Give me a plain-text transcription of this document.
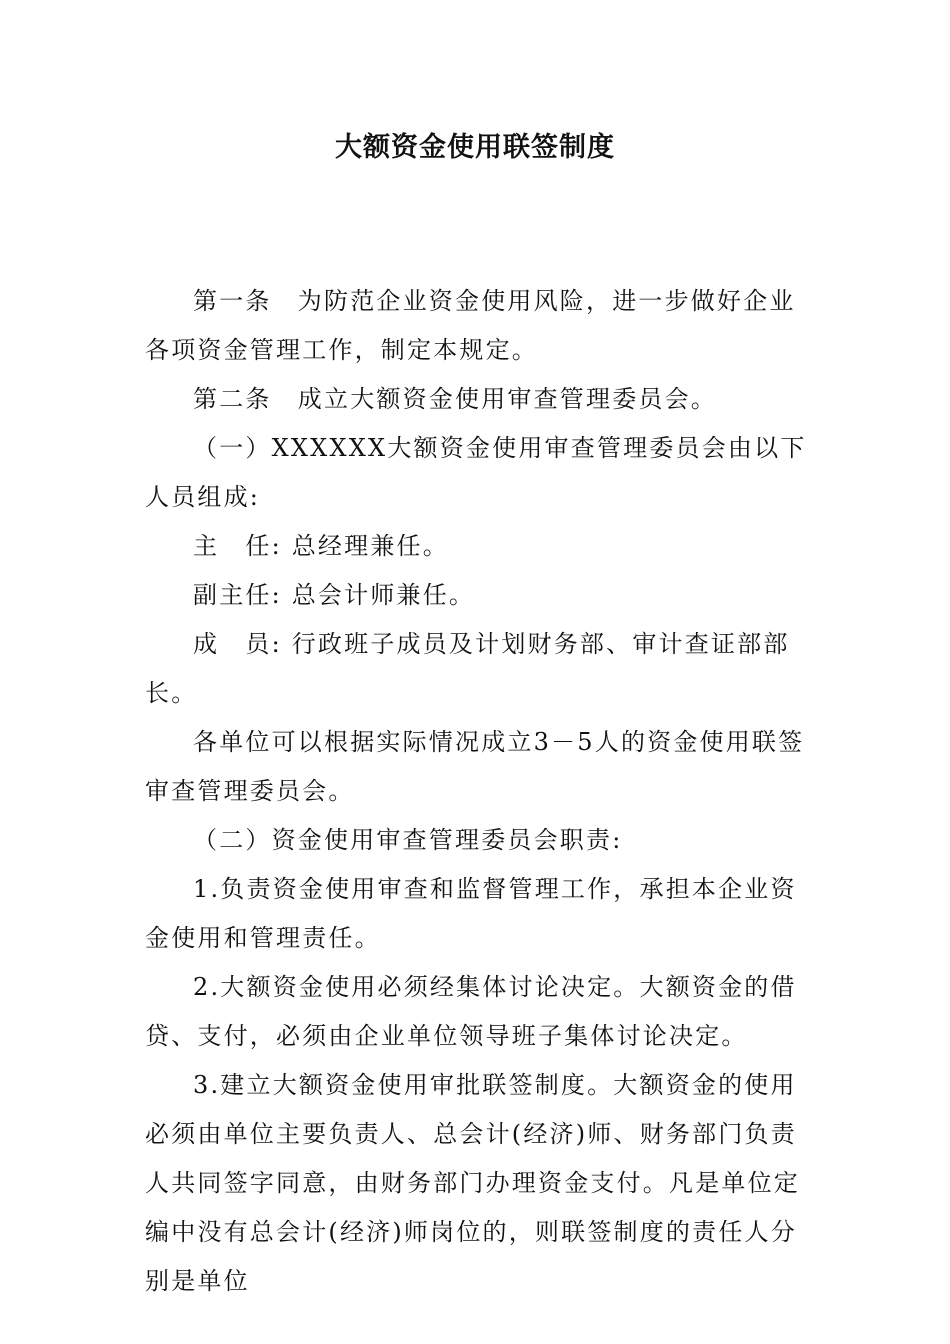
大额资金使用联签制度

第一条　为防范企业资金使用风险，进一步做好企业各项资金管理工作，制定本规定。

第二条　成立大额资金使用审查管理委员会。

（一）XXXXXX大额资金使用审查管理委员会由以下人员组成:

主　任: 总经理兼任。

副主任: 总会计师兼任。

成　员: 行政班子成员及计划财务部、审计查证部部长。

各单位可以根据实际情况成立3－5人的资金使用联签审查管理委员会。

（二）资金使用审查管理委员会职责:

1.负责资金使用审查和监督管理工作，承担本企业资金使用和管理责任。

2.大额资金使用必须经集体讨论决定。大额资金的借贷、支付，必须由企业单位领导班子集体讨论决定。

3.建立大额资金使用审批联签制度。大额资金的使用必须由单位主要负责人、总会计(经济)师、财务部门负责人共同签字同意，由财务部门办理资金支付。凡是单位定编中没有总会计(经济)师岗位的，则联签制度的责任人分别是单位
